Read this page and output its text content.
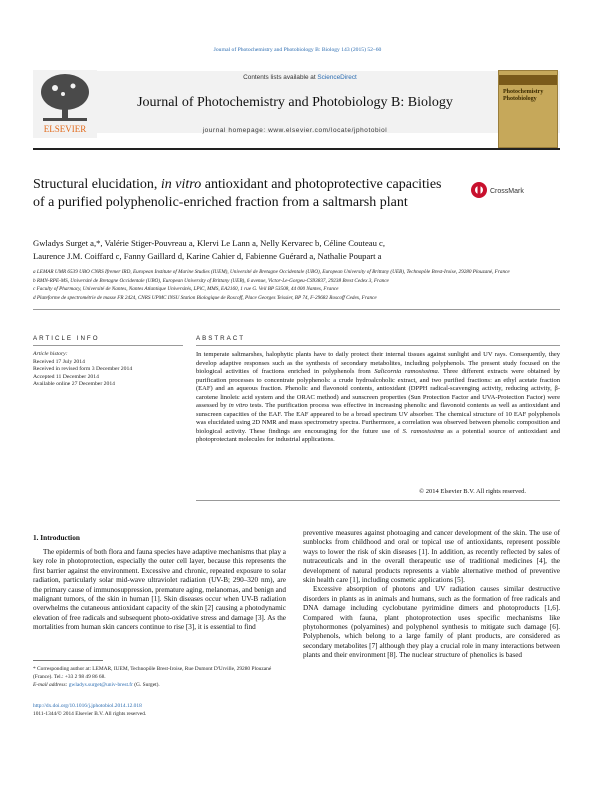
Journal of Photochemistry and Photobiology B: Biology 143 (2015) 52–60
ELSEVIER
Contents lists available at ScienceDirect
Journal of Photochemistry and Photobiology B: Biology
journal homepage: www.elsevier.com/locate/jphotobiol
Photochemistry Photobiology
Structural elucidation, in vitro antioxidant and photoprotective capacities of a purified polyphenolic-enriched fraction from a saltmarsh plant
CrossMark
Gwladys Surget a,*, Valérie Stiger-Pouvreau a, Klervi Le Lann a, Nelly Kervarec b, Céline Couteau c,
Laurence J.M. Coiffard c, Fanny Gaillard d, Karine Cahier d, Fabienne Guérard a, Nathalie Poupart a
a LEMAR UMR 6539 UBO CNRS Ifremer IRD, European Institute of Marine Studies (IUEM), Université de Bretagne Occidentale (UBO), European University of Brittany (UEB), Technopôle Brest-Iroise, 29280 Plouzané, France
b RMN-RPE-MS, Université de Bretagne Occidentale (UBO), European University of Brittany (UEB), 6 avenue, Victor-Le-Gorgeu-CS93837, 29238 Brest Cedex 3, France
c Faculty of Pharmacy, Université de Nantes, Nantes Atlantique Universités, LPiC, MMS, EA2160, 1 rue G. Veil BP 53508, 44 000 Nantes, France
d Plateforme de spectrométrie de masse FR 2424, CNRS UPMC INSU Station Biologique de Roscoff, Place Georges Teissier, BP 74, F-29682 Roscoff Cedex, France
ARTICLE INFO	ABSTRACT
Article history:
Received 17 July 2014
Received in revised form 3 December 2014
Accepted 11 December 2014
Available online 27 December 2014
In temperate saltmarshes, halophytic plants have to daily protect their internal tissues against sunlight and UV rays. Consequently, they develop adaptive responses such as the synthesis of secondary metabolites, including polyphenols. The present study focused on the biological activities of fractions enriched in polyphenols from Salicornia ramosissima. Three different extracts were obtained by purification processes to concentrate polyphenols: a crude hydroalcoholic extract, and two purified fractions: an ethyl acetate fraction (EAF) and an aqueous fraction. Phenolic and flavonoid contents, antioxidant (DPPH radical-scavenging activity, reducing activity, β-carotene linoleic acid system and the ORAC method) and sunscreen properties (Sun Protection Factor and UVA-Protection Factor) were assessed by in vitro tests. The purification process was effective in increasing phenolic and flavonoid contents as well as antioxidant and sunscreen capacities of the EAF. The EAF appeared to be a broad spectrum UV absorber. The chemical structure of 10 EAF polyphenols was elucidated using 2D NMR and mass spectrometry spectra. Furthermore, a correlation was observed between phenolic composition and biological activity. These findings are encouraging for the future use of S. ramosissima as a potential source of antioxidant and photoprotectant molecules for industrial applications.
© 2014 Elsevier B.V. All rights reserved.
1. Introduction

The epidermis of both flora and fauna species have adaptive mechanisms that play a key role in photoprotection, especially the outer cell layer, because this represents the first barrier against the environment. Excessive and chronic, repeated exposure to solar radiation, particularly solar mid-wave ultraviolet radiation (UV-B; 290–320 nm), are the primary cause of immunosuppression, premature aging, melanomas, and benign and malignant tumors, of the skin in human [1]. Skin diseases occur when UV-B radiation overwhelms the cutaneous antioxidant capacity of the skin [2] causing a photodynamic elevation of free radicals and subsequent photo-oxidative stress and damage [3]. As the mortalities from human skin cancers continue to rise [3], it is essential to find

preventive measures against photoaging and cancer development of the skin. The use of sunblocks from childhood and oral or topical use of antioxidants, represent possible ways to lower the risk of skin diseases [1]. In addition, as recently reflected by sales of nutraceuticals and in the overall therapeutic use of traditional medicines [4], the development of natural products represents a viable alternative method of preventive skin health care [1], including cosmetic applications [5].

Excessive absorption of photons and UV radiation causes similar destructive disorders in plants as in animals and humans, such as the formation of free radicals and DNA damage including cyclobutane pyrimidine dimers and photoproducts [1,6]. Compared with fauna, plant photoprotection uses specific mechanisms like phytohormones (polyamines) and polyphenol synthesis to mitigate such damage [6]. Polyphenols, which belong to a large family of plant products, are considered as secondary metabolites [7] although they play a crucial role in many interactions between plants and their environment [8]. The nuclear structure of phenolics is based

* Corresponding author at: LEMAR, IUEM, Technopôle Brest-Iroise, Rue Dumont D'Urville, 29280 Plouzané (France). Tel.: +33 2 98 49 86 68.
E-mail address: gwladys.surget@univ-brest.fr (G. Surget).
http://dx.doi.org/10.1016/j.jphotobiol.2014.12.018
1011-1344/© 2014 Elsevier B.V. All rights reserved.
